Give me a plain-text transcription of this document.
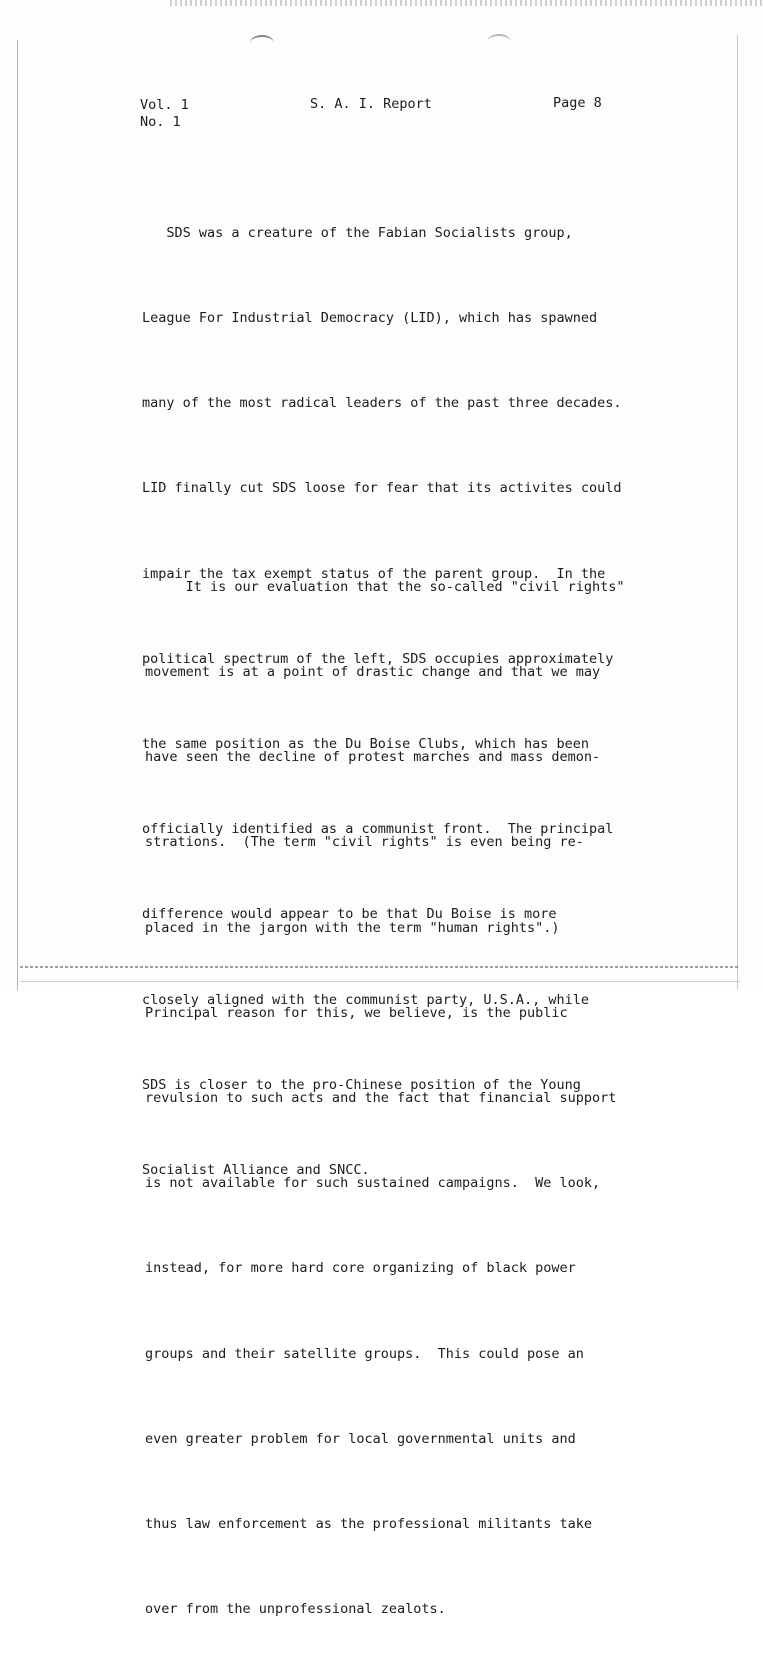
Vol. 1
No. 1
S. A. I. Report	Page 8

SDS was a creature of the Fabian Socialists group,

League For Industrial Democracy (LID), which has spawned

many of the most radical leaders of the past three decades.

LID finally cut SDS loose for fear that its activites could

impair the tax exempt status of the parent group.  In the

political spectrum of the left, SDS occupies approximately

the same position as the Du Boise Clubs, which has been

officially identified as a communist front.  The principal

difference would appear to be that Du Boise is more

closely aligned with the communist party, U.S.A., while

SDS is closer to the pro-Chinese position of the Young

Socialist Alliance and SNCC.

It is our evaluation that the so-called "civil rights"

movement is at a point of drastic change and that we may

have seen the decline of protest marches and mass demon-

strations.  (The term "civil rights" is even being re-

placed in the jargon with the term "human rights".)

Principal reason for this, we believe, is the public

revulsion to such acts and the fact that financial support

is not available for such sustained campaigns.  We look,

instead, for more hard core organizing of black power

groups and their satellite groups.  This could pose an

even greater problem for local governmental units and

thus law enforcement as the professional militants take

over from the unprofessional zealots.
